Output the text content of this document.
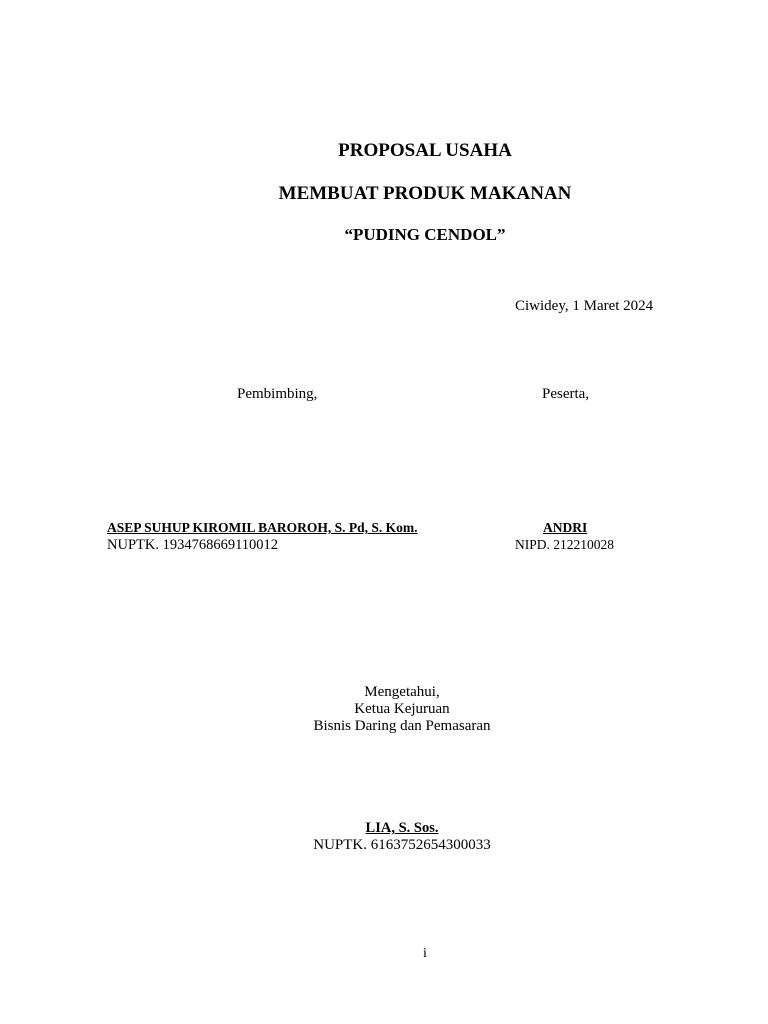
PROPOSAL USAHA
MEMBUAT PRODUK MAKANAN
“PUDING CENDOL”
Ciwidey, 1 Maret 2024
Pembimbing,	Peserta,
ASEP SUHUP KIROMIL BAROROH, S. Pd, S. Kom.
NUPTK. 1934768669110012
ANDRI
NIPD. 212210028
Mengetahui,
Ketua Kejuruan
Bisnis Daring dan Pemasaran
LIA, S. Sos.
NUPTK. 6163752654300033
i
